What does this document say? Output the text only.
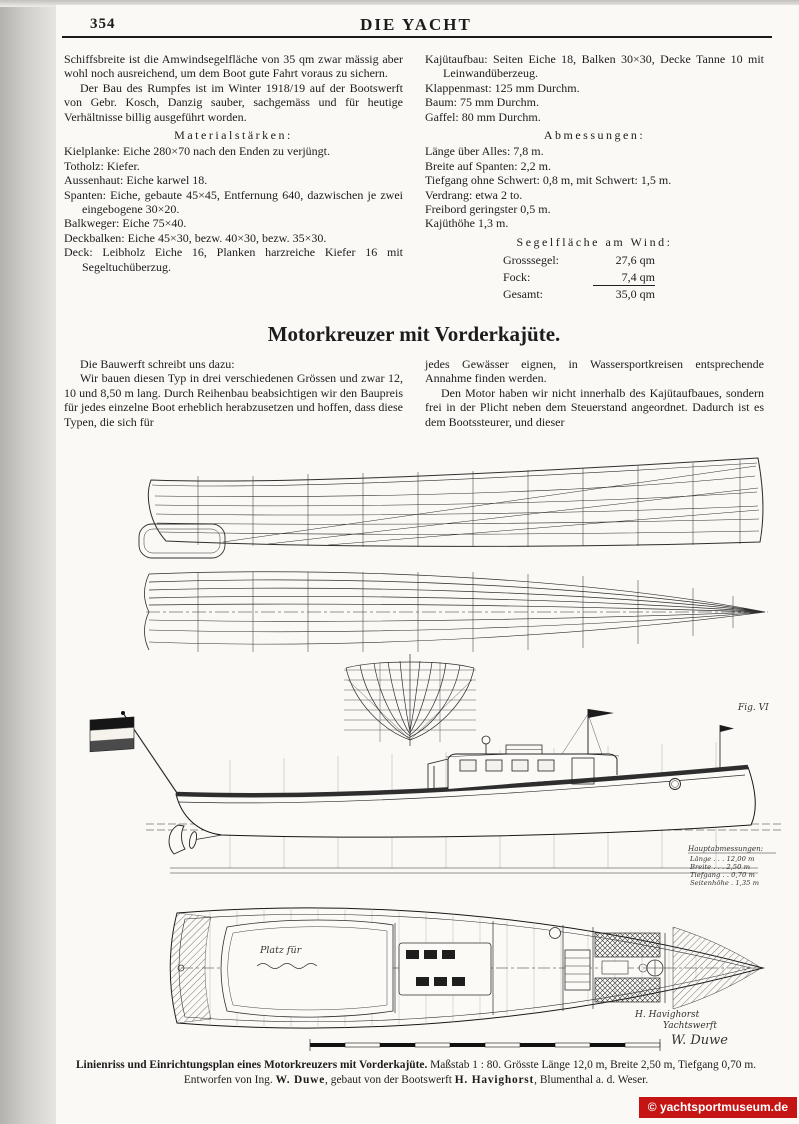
354	DIE YACHT

Schiffsbreite ist die Amwindsegelfläche von 35 qm zwar mässig aber wohl noch ausreichend, um dem Boot gute Fahrt voraus zu sichern.

Der Bau des Rumpfes ist im Winter 1918/19 auf der Bootswerft von Gebr. Kosch, Danzig sauber, sachgemäss und für heutige Verhältnisse billig ausgeführt worden.

Materialstärken:

Kielplanke: Eiche 280×70 nach den Enden zu verjüngt.

Totholz: Kiefer.

Aussenhaut: Eiche karwel 18.

Spanten: Eiche, gebaute 45×45, Entfernung 640, dazwischen je zwei eingebogene 30×20.

Balkweger: Eiche 75×40.

Deckbalken: Eiche 45×30, bezw. 40×30, bezw. 35×30.

Deck: Leibholz Eiche 16, Planken harzreiche Kiefer 16 mit Segeltuchüberzug.

Kajütaufbau: Seiten Eiche 18, Balken 30×30, Decke Tanne 10 mit Leinwandüberzeug.

Klappenmast: 125 mm Durchm.

Baum: 75 mm Durchm.

Gaffel: 80 mm Durchm.

Abmessungen:

Länge über Alles: 7,8 m.

Breite auf Spanten: 2,2 m.

Tiefgang ohne Schwert: 0,8 m, mit Schwert: 1,5 m.

Verdrang: etwa 2 to.

Freibord geringster 0,5 m.

Kajüthöhe 1,3 m.

Segelfläche am Wind:

Grosssegel:	27,6 qm
Fock:	7,4 qm
Gesamt:	35,0 qm
Motorkreuzer mit Vorderkajüte.

Die Bauwerft schreibt uns dazu:

Wir bauen diesen Typ in drei verschiedenen Grössen und zwar 12, 10 und 8,50 m lang. Durch Reihenbau beabsichtigen wir den Baupreis für jedes einzelne Boot erheblich herabzusetzen und hoffen, dass diese Typen, die sich für

jedes Gewässer eignen, in Wassersportkreisen entsprechende Annahme finden werden.

Den Motor haben wir nicht innerhalb des Kajütaufbaues, sondern frei in der Plicht neben dem Steuerstand angeordnet. Dadurch ist es dem Bootssteurer, und dieser

Hauptabmessungen:
Länge . . . 12,00 m
Breite . . . 2,50 m
Tiefgang . . 0,70 m
Seitenhöhe . 1,35 m
Fig. VI
Platz für
H. Havighorst
Yachtswerft
W. Duwe
Linienriss und Einrichtungsplan eines Motorkreuzers mit Vorderkajüte. Maßstab 1 : 80. Grösste Länge 12,0 m, Breite 2,50 m, Tiefgang 0,70 m.
Entworfen von Ing. W. Duwe, gebaut von der Bootswerft H. Havighorst, Blumenthal a. d. Weser.
© yachtsportmuseum.de
